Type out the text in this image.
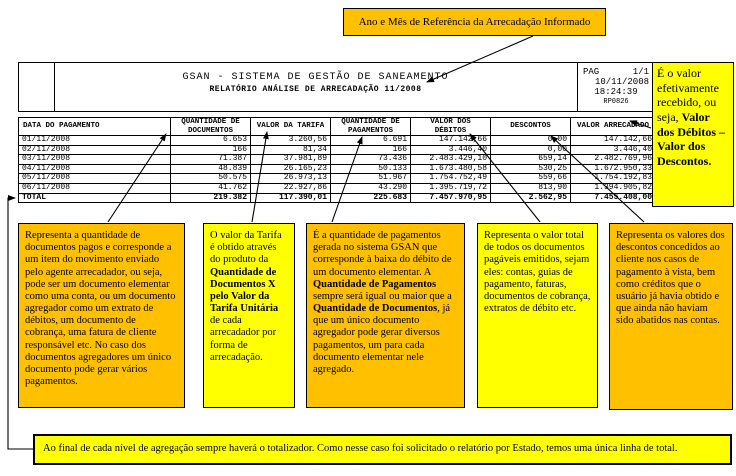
Ano e Mês de Referência da Arrecadação Informado
GSAN - SISTEMA DE GESTÃO DE SANEAMENTO
RELATÓRIO ANÁLISE DE ARRECADAÇÃO 11/2008
PAG	1/1
10/11/2008
18:24:39
RP0826
DATA DO PAGAMENTO	QUANTIDADE DE DOCUMENTOS	VALOR DA TARIFA	QUANTIDADE DE PAGAMENTOS	VALOR DOS DÉBITOS	DESCONTOS	VALOR ARRECADADO
01/11/2008	6.653	3.260,56	6.691	147.142,66	0,00	147.142,66
02/11/2008	166	81,34	166	3.446,40	0,00	3.446,40
03/11/2008	71.387	37.981,89	73.436	2.483.429,10	659,14	2.482.769,96
04/11/2008	48.839	26.165,23	50.133	1.673.480,58	530,25	1.672.950,33
05/11/2008	50.575	26.973,13	51.967	1.754.752,49	559,66	1.754.192,83
06/11/2008	41.762	22.927,86	43.290	1.395.719,72	813,90	1.394.905,82
TOTAL	219.382	117.390,01	225.683	7.457.970,95	2.562,95	7.455.408,00
É o valor efetivamente recebido, ou seja, Valor dos Débitos – Valor dos Descontos.
Representa a quantidade de documentos pagos e corresponde a um item do movimento enviado pelo agente arrecadador, ou seja, pode ser um documento elementar como uma conta, ou um documento agregador como um extrato de débitos, um documento de cobrança, uma fatura de cliente responsável etc. No caso dos documentos agregadores um único documento pode gerar vários pagamentos.
O valor da Tarifa é obtido através do produto da Quantidade de Documentos X pelo Valor da Tarifa Unitária de cada arrecadador por forma de arrecadação.
É a quantidade de pagamentos gerada no sistema GSAN que corresponde à baixa do débito de um documento elementar. A Quantidade de Pagamentos sempre será igual ou maior que a Quantidade de Documentos, já que um único documento agregador pode gerar diversos pagamentos, um para cada documento elementar nele agregado.
Representa o valor total de todos os documentos pagáveis emitidos, sejam eles: contas, guias de pagamento, faturas, documentos de cobrança, extratos de débito etc.
Representa os valores dos descontos concedidos ao cliente nos casos de pagamento à vista, bem como créditos que o usuário já havia obtido e que ainda não haviam sido abatidos nas contas.
Ao final de cada nível de agregação sempre haverá o totalizador. Como nesse caso foi solicitado o relatório por Estado, temos uma única linha de total.
